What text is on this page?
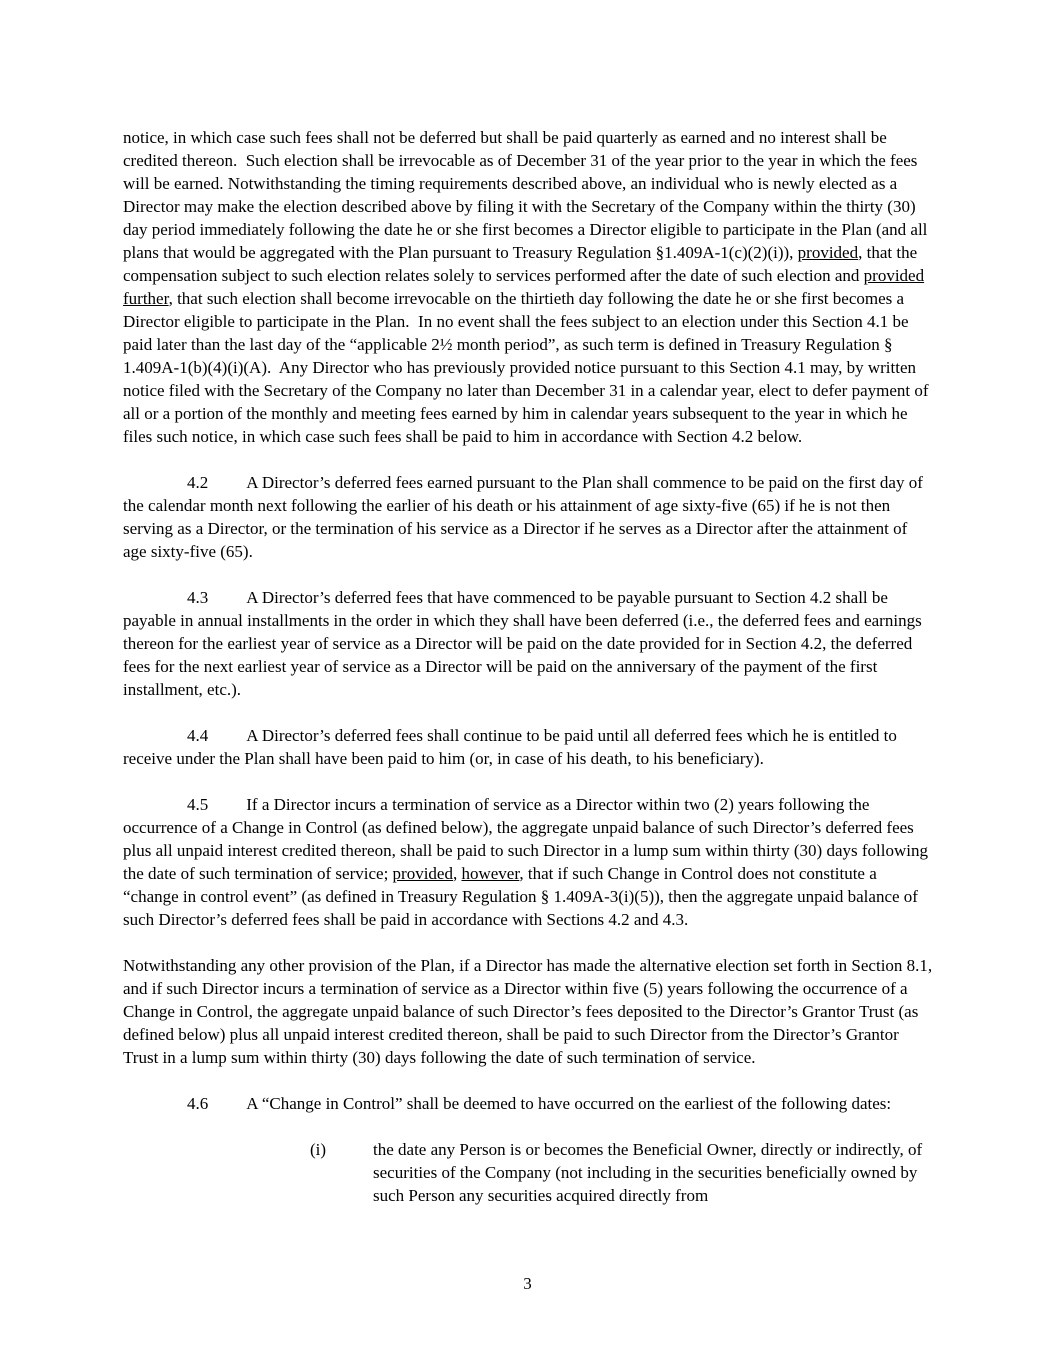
notice, in which case such fees shall not be deferred but shall be paid quarterly as earned and no interest shall be credited thereon.  Such election shall be irrevocable as of December 31 of the year prior to the year in which the fees will be earned. Notwithstanding the timing requirements described above, an individual who is newly elected as a Director may make the election described above by filing it with the Secretary of the Company within the thirty (30) day period immediately following the date he or she first becomes a Director eligible to participate in the Plan (and all plans that would be aggregated with the Plan pursuant to Treasury Regulation §1.409A-1(c)(2)(i)), provided, that the compensation subject to such election relates solely to services performed after the date of such election and provided further, that such election shall become irrevocable on the thirtieth day following the date he or she first becomes a Director eligible to participate in the Plan.  In no event shall the fees subject to an election under this Section 4.1 be paid later than the last day of the “applicable 2½ month period”, as such term is defined in Treasury Regulation § 1.409A-1(b)(4)(i)(A).  Any Director who has previously provided notice pursuant to this Section 4.1 may, by written notice filed with the Secretary of the Company no later than December 31 in a calendar year, elect to defer payment of all or a portion of the monthly and meeting fees earned by him in calendar years subsequent to the year in which he files such notice, in which case such fees shall be paid to him in accordance with Section 4.2 below.

4.2 A Director’s deferred fees earned pursuant to the Plan shall commence to be paid on the first day of the calendar month next following the earlier of his death or his attainment of age sixty-five (65) if he is not then serving as a Director, or the termination of his service as a Director if he serves as a Director after the attainment of age sixty-five (65).

4.3 A Director’s deferred fees that have commenced to be payable pursuant to Section 4.2 shall be payable in annual installments in the order in which they shall have been deferred (i.e., the deferred fees and earnings thereon for the earliest year of service as a Director will be paid on the date provided for in Section 4.2, the deferred fees for the next earliest year of service as a Director will be paid on the anniversary of the payment of the first installment, etc.).

4.4 A Director’s deferred fees shall continue to be paid until all deferred fees which he is entitled to receive under the Plan shall have been paid to him (or, in case of his death, to his beneficiary).

4.5 If a Director incurs a termination of service as a Director within two (2) years following the occurrence of a Change in Control (as defined below), the aggregate unpaid balance of such Director’s deferred fees plus all unpaid interest credited thereon, shall be paid to such Director in a lump sum within thirty (30) days following the date of such termination of service; provided, however, that if such Change in Control does not constitute a “change in control event” (as defined in Treasury Regulation § 1.409A-3(i)(5)), then the aggregate unpaid balance of such Director’s deferred fees shall be paid in accordance with Sections 4.2 and 4.3.

Notwithstanding any other provision of the Plan, if a Director has made the alternative election set forth in Section 8.1, and if such Director incurs a termination of service as a Director within five (5) years following the occurrence of a Change in Control, the aggregate unpaid balance of such Director’s fees deposited to the Director’s Grantor Trust (as defined below) plus all unpaid interest credited thereon, shall be paid to such Director from the Director’s Grantor Trust in a lump sum within thirty (30) days following the date of such termination of service.

4.6 A “Change in Control” shall be deemed to have occurred on the earliest of the following dates:

(i)	the date any Person is or becomes the Beneficial Owner, directly or indirectly, of securities of the Company (not including in the securities beneficially owned by such Person any securities acquired directly from
3
